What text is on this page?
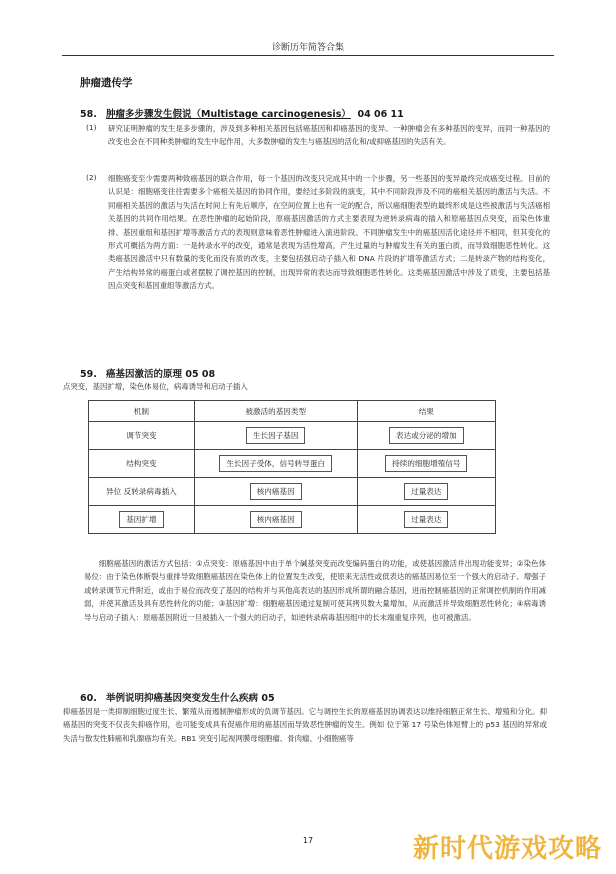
诊断历年简答合集
肿瘤遗传学
58. 肿瘤多步骤发生假说（Multistage carcinogenesis） 04 06 11
(1) 研究证明肿瘤的发生是多步骤的，涉及到多种相关基因包括癌基因和抑癌基因的变异。一种肿瘤会有多种基因的变异，而同一种基因的改变也会在不同种类肿瘤的发生中起作用，大多数肿瘤的发生与癌基因的活化和/或抑癌基因的失活有关。
(2) 细胞癌变至少需要两种致癌基因的联合作用，每一个基因的改变只完成其中的一个步骤，另一些基因的变异最终完成癌变过程。目前的认识是：细胞癌变往往需要多个癌相关基因的协同作用，要经过多阶段的演变，其中不同阶段涉及不同的癌相关基因的激活与失活。不同癌相关基因的激活与失活在时间上有先后顺序，在空间位置上也有一定的配合，所以癌细胞表型的最终形成是这些被激活与失活癌相关基因的共同作用结果。在恶性肿瘤的起始阶段，原癌基因激活的方式主要表现为逆转录病毒的插入和原癌基因点突变，而染色体重排、基因重组和基因扩增等激活方式的表现则意味着恶性肿瘤进入演进阶段。不同肿瘤发生中的癌基因活化途径并不相同，但其变化的形式可概括为两方面：一是转录水平的改变，通常是表现为活性增高，产生过量的与肿瘤发生有关的蛋白质，而导致细胞恶性转化。这类癌基因激活中只有数量的变化而没有质的改变，主要包括强启动子插入和 DNA 片段的扩增等激活方式；二是转录产物的结构变化，产生结构异常的癌蛋白或者摆脱了调控基因的控制，出现异常的表达而导致细胞恶性转化。这类癌基因激活中涉及了质变，主要包括基因点突变和基因重组等激活方式。
59. 癌基因激活的原理 05 08
点突变，基因扩增，染色体易位，病毒诱导和启动子插入
机制	被激活的基因类型	结果
调节突变	生长因子基因	表达或分泌的增加
结构突变	生长因子受体，信号转导蛋白	持续的细胞增殖信号
异位 反转录病毒插入	核内癌基因	过量表达
基因扩增	核内癌基因	过量表达
细胞癌基因的激活方式包括：①点突变：原癌基因中由于单个碱基突变而改变编码蛋白的功能，或使基因激活并出现功能变异；②染色体易位：由于染色体断裂与重排导致细胞癌基因在染色体上的位置发生改变，使原来无活性或低表达的癌基因易位至一个强大的启动子、增强子或转录调节元件附近，或由于易位而改变了基因的结构并与其他高表达的基因形成所谓的融合基因，进而控制癌基因的正常调控机制的作用减弱，并使其激活及具有恶性转化的功能；③基因扩增：细胞癌基因通过复制可使其拷贝数大量增加，从而激活并导致细胞恶性转化；④病毒诱导与启动子插入：原癌基因附近一旦被插入一个强大的启动子，如逆转录病毒基因组中的长末端重复序列，也可被激活。
60. 举例说明抑癌基因突变发生什么疾病 05
抑癌基因是一类抑制细胞过度生长、繁殖从而遏制肿瘤形成的负调节基因。它与调控生长的原癌基因协调表达以维持细胞正常生长、增殖和分化。抑癌基因的突变不仅丧失抑癌作用，也可能变成具有促癌作用的癌基因而导致恶性肿瘤的发生。例如 位于第 17 号染色体短臂上的 p53 基因的异常或失活与散发性肺癌和乳腺癌均有关。RB1 突变引起视网膜母细胞瘤、骨肉瘤、小细胞癌等
17	新时代游戏攻略
